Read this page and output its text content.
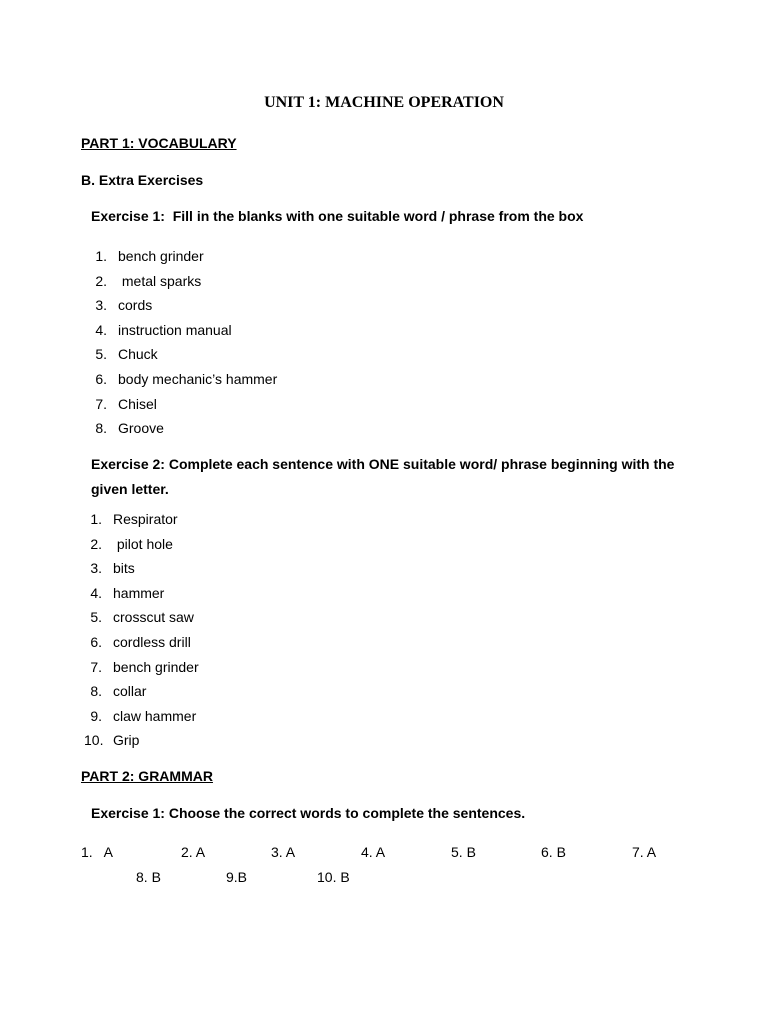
UNIT 1: MACHINE OPERATION
PART 1: VOCABULARY
B. Extra Exercises

Exercise 1:  Fill in the blanks with one suitable word / phrase from the box

1. bench grinder
2. metal sparks
3. cords
4. instruction manual
5. Chuck
6. body mechanic’s hammer
7. Chisel
8. Groove

Exercise 2: Complete each sentence with ONE suitable word/ phrase beginning with the given letter.

1. Respirator
2. pilot hole
3. bits
4. hammer
5. crosscut saw
6. cordless drill
7. bench grinder
8. collar
9. claw hammer
10. Grip
PART 2: GRAMMAR

Exercise 1: Choose the correct words to complete the sentences.

1.   A	2. A	3. A	4. A	5. B	6. B	7. A
8. B	9.B	10. B
